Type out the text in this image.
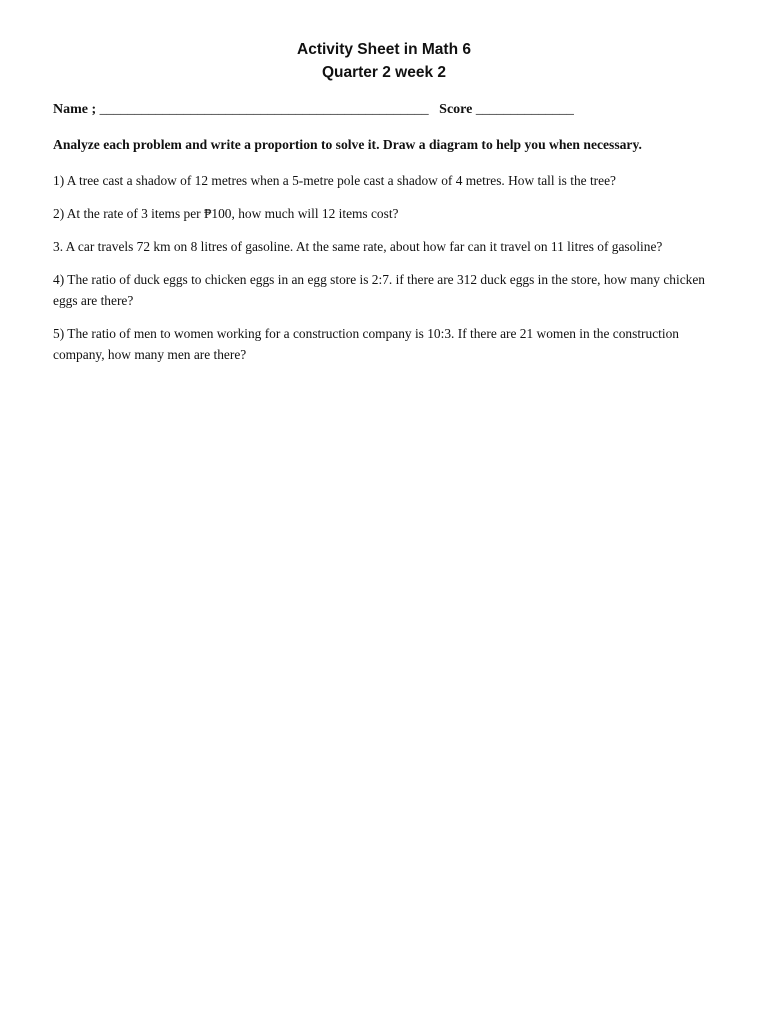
Activity Sheet in Math 6
Quarter 2 week 2
Name ; _______________________________________________ Score ______________
Analyze each problem and write a proportion to solve it. Draw a diagram to help you when necessary.
1) A tree cast a shadow of 12 metres when a 5-metre pole cast a shadow of 4 metres. How tall is the tree?
2) At the rate of 3 items per ₱100, how much will 12 items cost?
3. A car travels 72 km on 8 litres of gasoline. At the same rate, about how far can it travel on 11 litres of gasoline?
4) The ratio of duck eggs to chicken eggs in an egg store is 2:7. if there are 312 duck eggs in the store, how many chicken eggs are there?
5) The ratio of men to women working for a construction company is 10:3. If there are 21 women in the construction company, how many men are there?
